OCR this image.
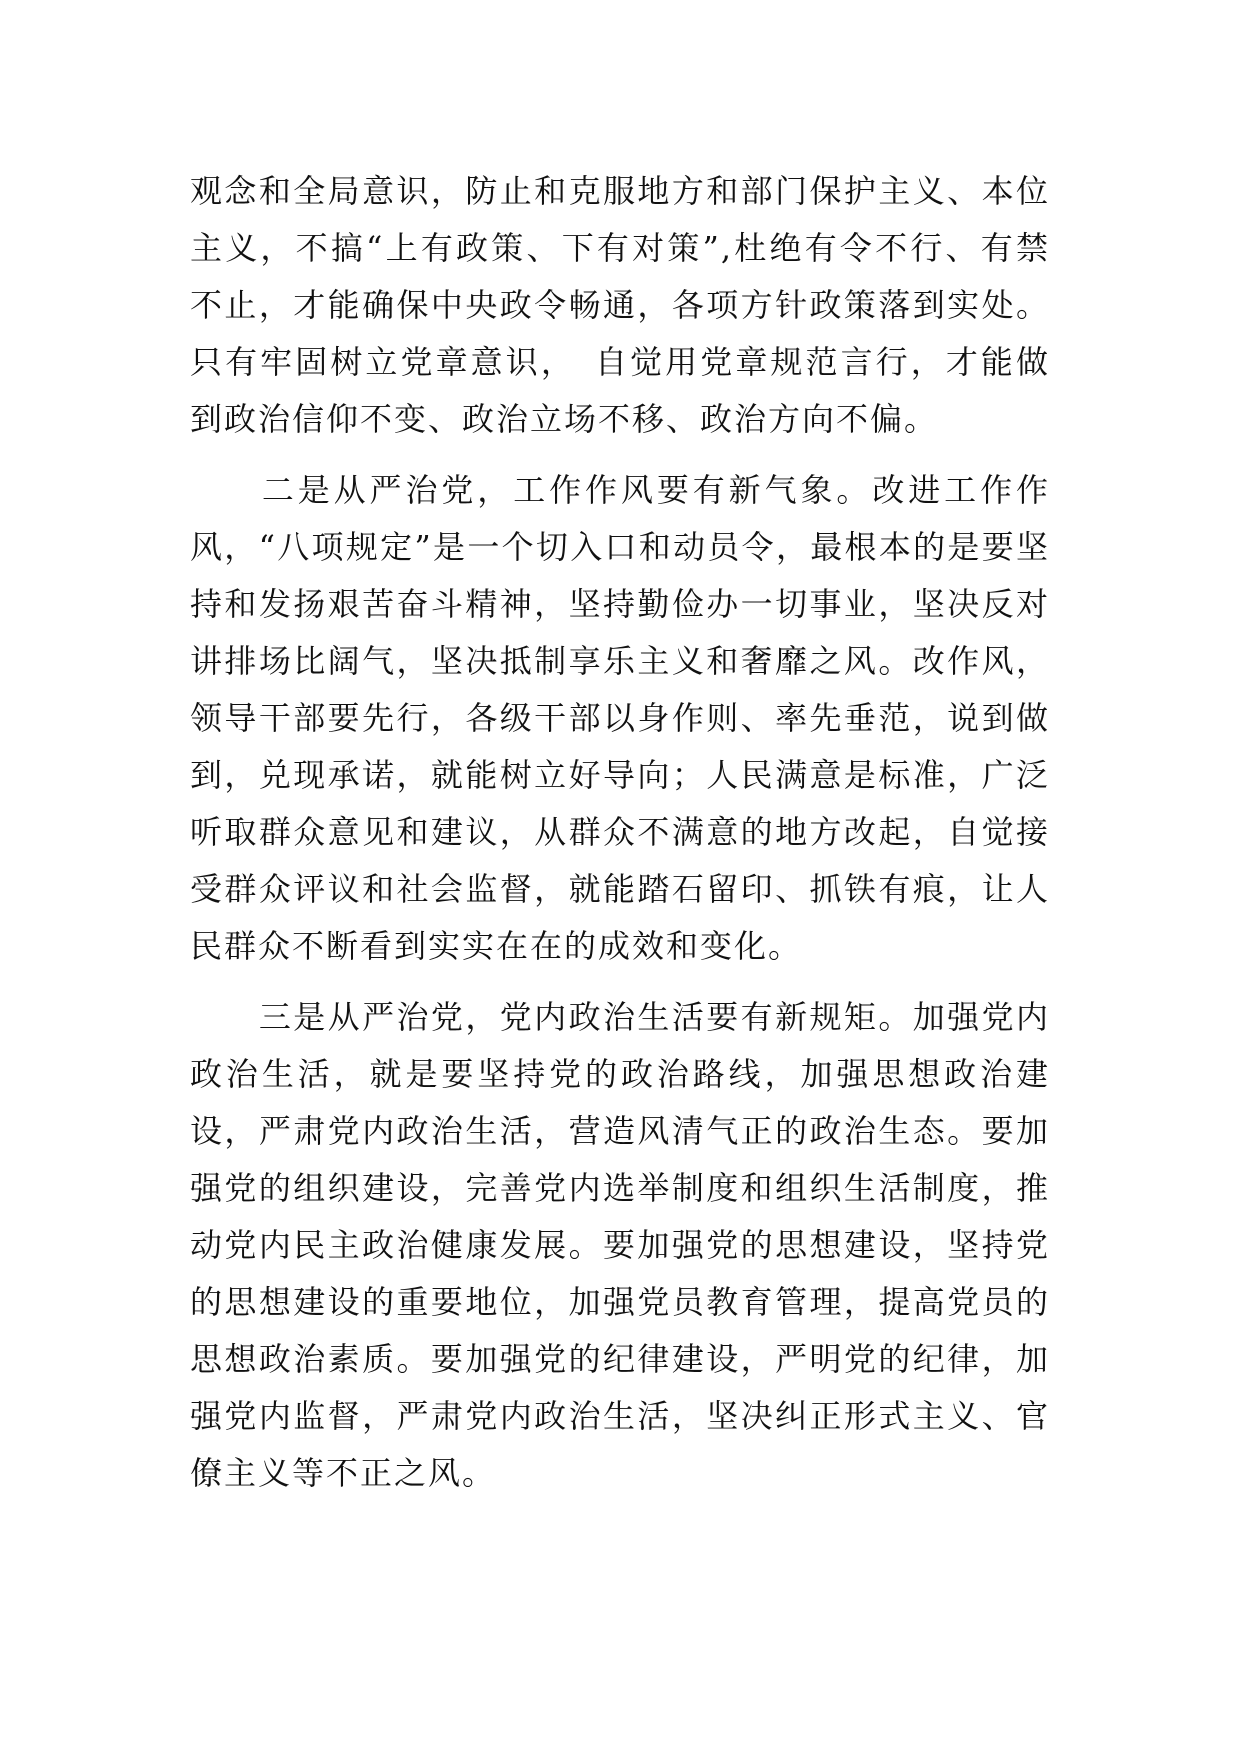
观念和全局意识，防止和克服地方和部门保护主义、本位主义，不搞“上有政策、下有对策”,杜绝有令不行、有禁不止，才能确保中央政令畅通，各项方针政策落到实处。只有牢固树立党章意识，　自觉用党章规范言行，才能做到政治信仰不变、政治立场不移、政治方向不偏。

　　二是从严治党，工作作风要有新气象。改进工作作风，“八项规定”是一个切入口和动员令，最根本的是要坚持和发扬艰苦奋斗精神，坚持勤俭办一切事业，坚决反对讲排场比阔气，坚决抵制享乐主义和奢靡之风。改作风，领导干部要先行，各级干部以身作则、率先垂范，说到做到，兑现承诺，就能树立好导向；人民满意是标准，广泛听取群众意见和建议，从群众不满意的地方改起，自觉接受群众评议和社会监督，就能踏石留印、抓铁有痕，让人民群众不断看到实实在在的成效和变化。

　　三是从严治党，党内政治生活要有新规矩。加强党内政治生活，就是要坚持党的政治路线，加强思想政治建设，严肃党内政治生活，营造风清气正的政治生态。要加强党的组织建设，完善党内选举制度和组织生活制度，推动党内民主政治健康发展。要加强党的思想建设，坚持党的思想建设的重要地位，加强党员教育管理，提高党员的思想政治素质。要加强党的纪律建设，严明党的纪律，加强党内监督，严肃党内政治生活，坚决纠正形式主义、官僚主义等不正之风。
